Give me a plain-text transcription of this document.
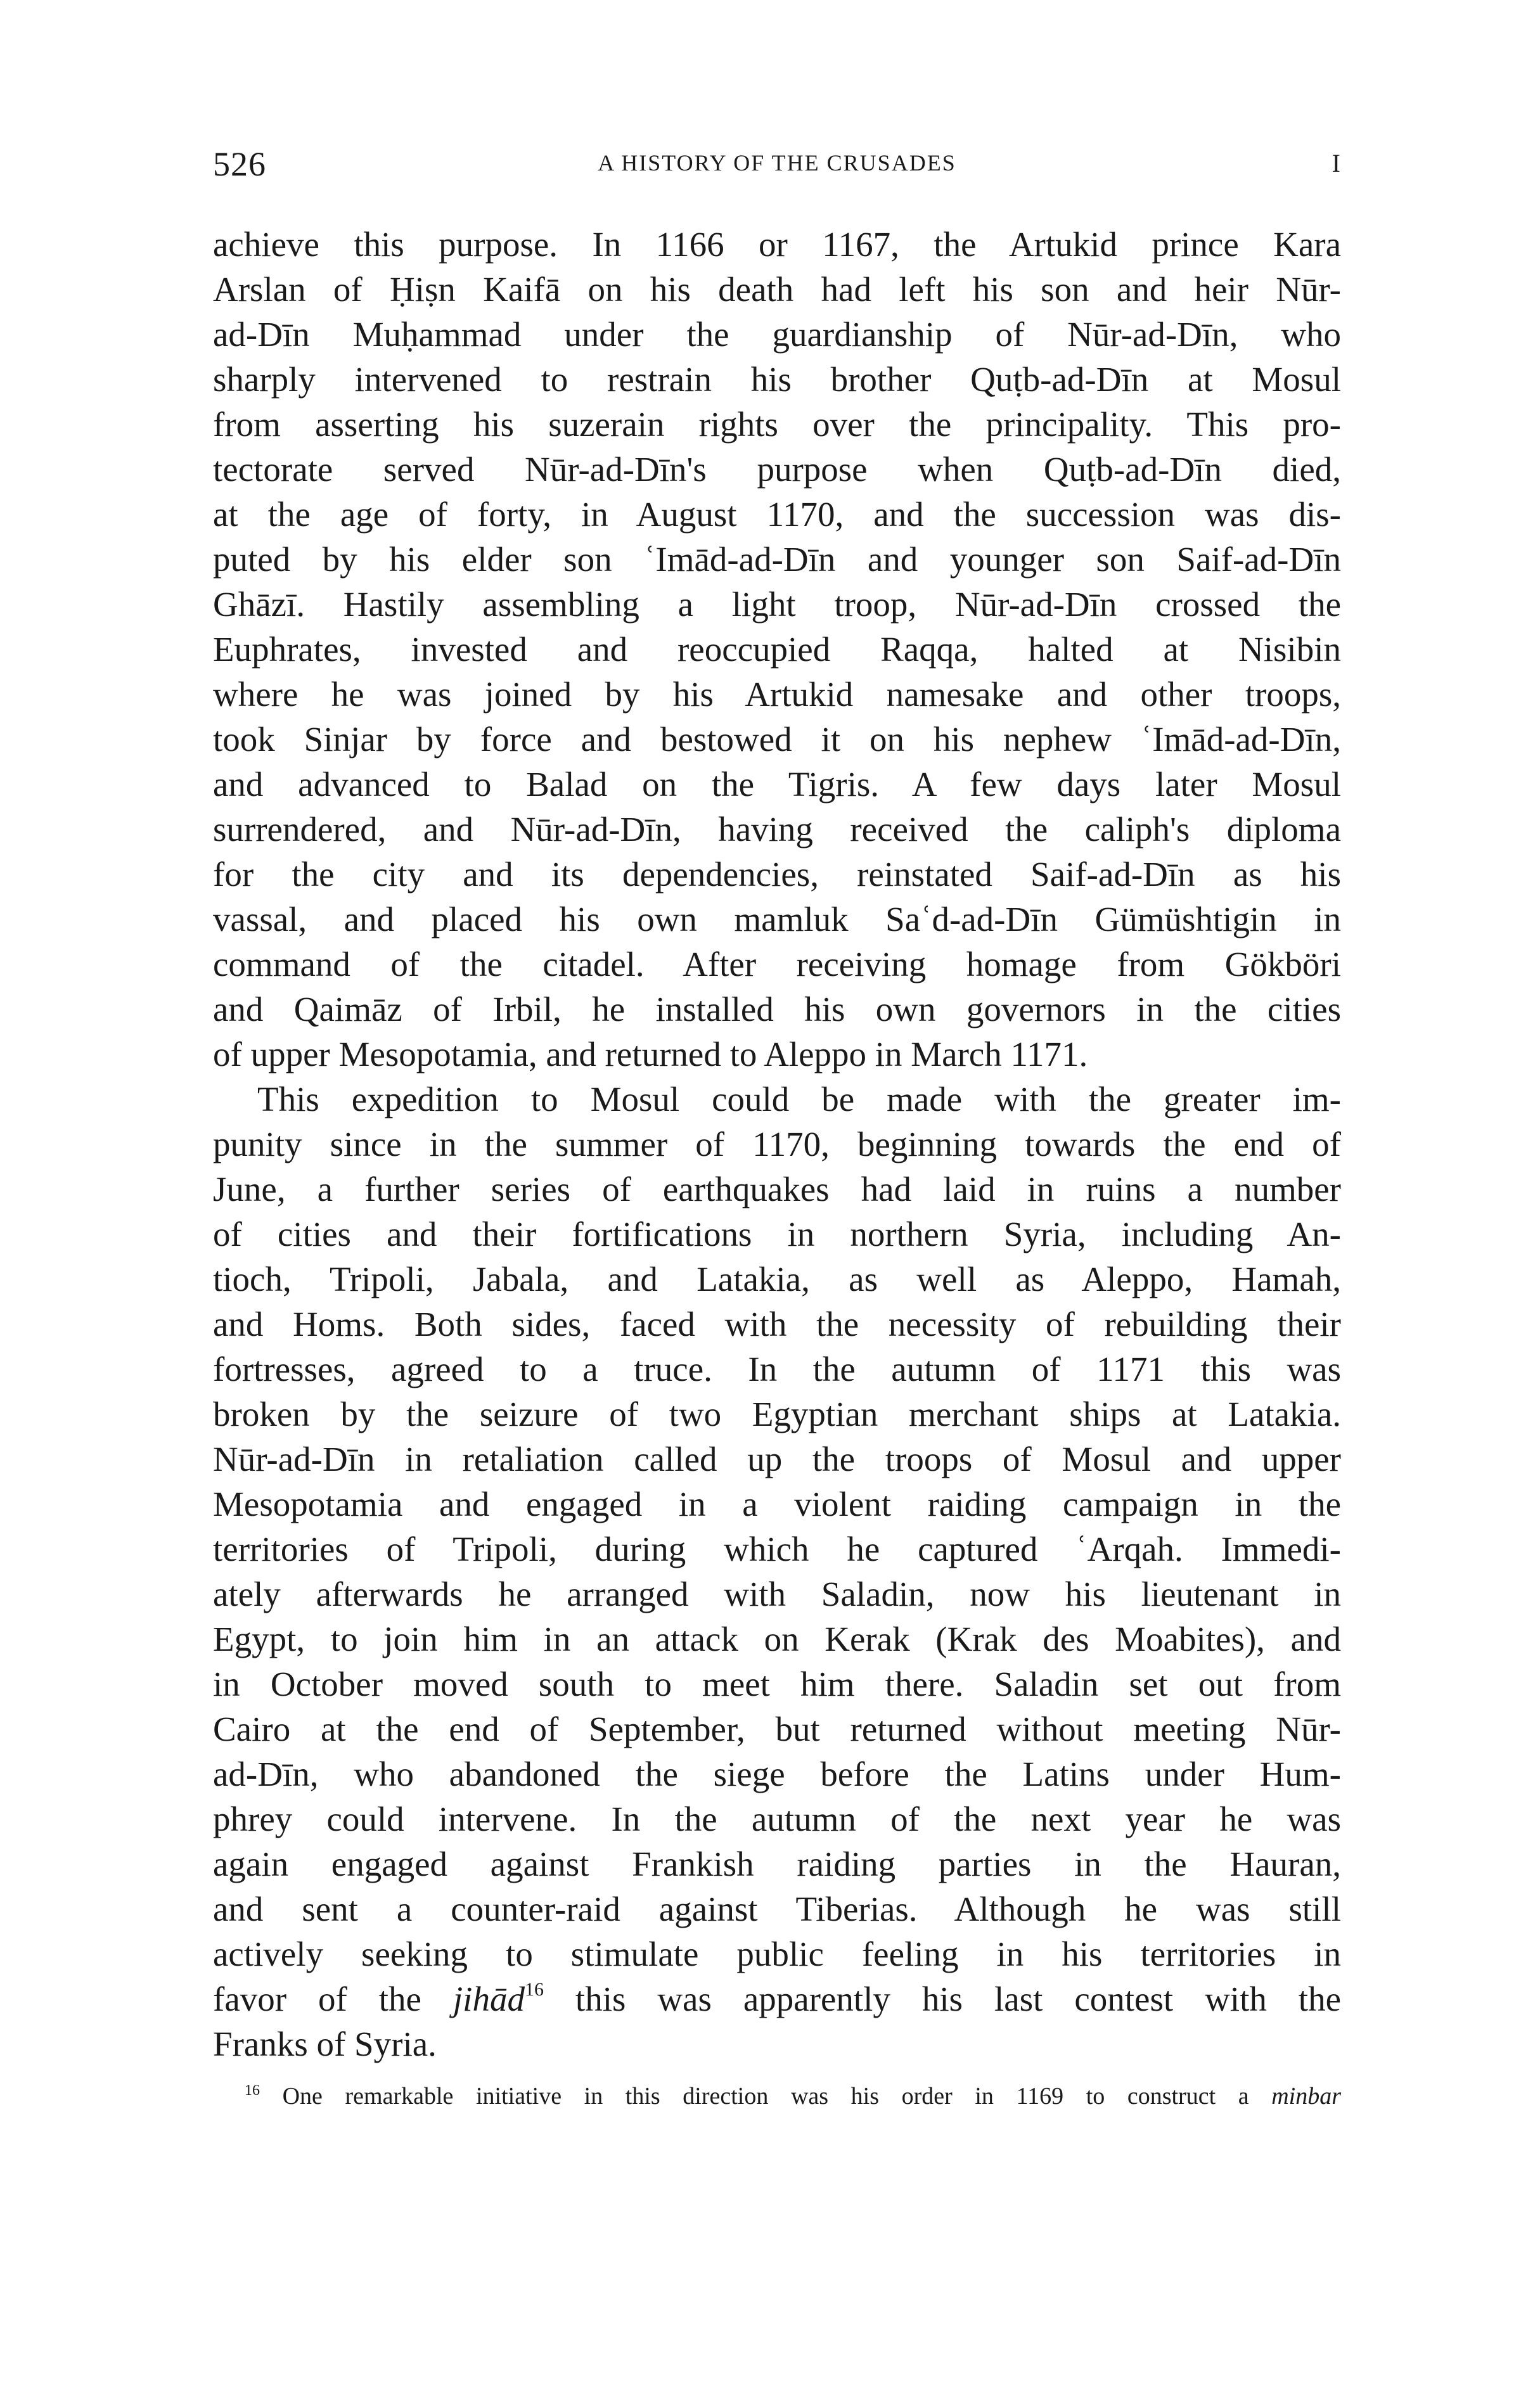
526	A HISTORY OF THE CRUSADES	I
achieve this purpose. In 1166 or 1167, the Artukid prince Kara
Arslan of Ḥiṣn Kaifā on his death had left his son and heir Nūr-
ad-Dīn Muḥammad under the guardianship of Nūr-ad-Dīn, who
sharply intervened to restrain his brother Quṭb-ad-Dīn at Mosul
from asserting his suzerain rights over the principality. This pro-
tectorate served Nūr-ad-Dīn's purpose when Quṭb-ad-Dīn died,
at the age of forty, in August 1170, and the succession was dis-
puted by his elder son ʿImād-ad-Dīn and younger son Saif-ad-Dīn
Ghāzī. Hastily assembling a light troop, Nūr-ad-Dīn crossed the
Euphrates, invested and reoccupied Raqqa, halted at Nisibin
where he was joined by his Artukid namesake and other troops,
took Sinjar by force and bestowed it on his nephew ʿImād-ad-Dīn,
and advanced to Balad on the Tigris. A few days later Mosul
surrendered, and Nūr-ad-Dīn, having received the caliph's diploma
for the city and its dependencies, reinstated Saif-ad-Dīn as his
vassal, and placed his own mamluk Saʿd-ad-Dīn Gümüshtigin in
command of the citadel. After receiving homage from Gökböri
and Qaimāz of Irbil, he installed his own governors in the cities
of upper Mesopotamia, and returned to Aleppo in March 1171.
This expedition to Mosul could be made with the greater im-
punity since in the summer of 1170, beginning towards the end of
June, a further series of earthquakes had laid in ruins a number
of cities and their fortifications in northern Syria, including An-
tioch, Tripoli, Jabala, and Latakia, as well as Aleppo, Hamah,
and Homs. Both sides, faced with the necessity of rebuilding their
fortresses, agreed to a truce. In the autumn of 1171 this was
broken by the seizure of two Egyptian merchant ships at Latakia.
Nūr-ad-Dīn in retaliation called up the troops of Mosul and upper
Mesopotamia and engaged in a violent raiding campaign in the
territories of Tripoli, during which he captured ʿArqah. Immedi-
ately afterwards he arranged with Saladin, now his lieutenant in
Egypt, to join him in an attack on Kerak (Krak des Moabites), and
in October moved south to meet him there. Saladin set out from
Cairo at the end of September, but returned without meeting Nūr-
ad-Dīn, who abandoned the siege before the Latins under Hum-
phrey could intervene. In the autumn of the next year he was
again engaged against Frankish raiding parties in the Hauran,
and sent a counter-raid against Tiberias. Although he was still
actively seeking to stimulate public feeling in his territories in
favor of the jihād$^{16}$ this was apparently his last contest with the
Franks of Syria.
$^{16}$ One remarkable initiative in this direction was his order in 1169 to construct a minbar
